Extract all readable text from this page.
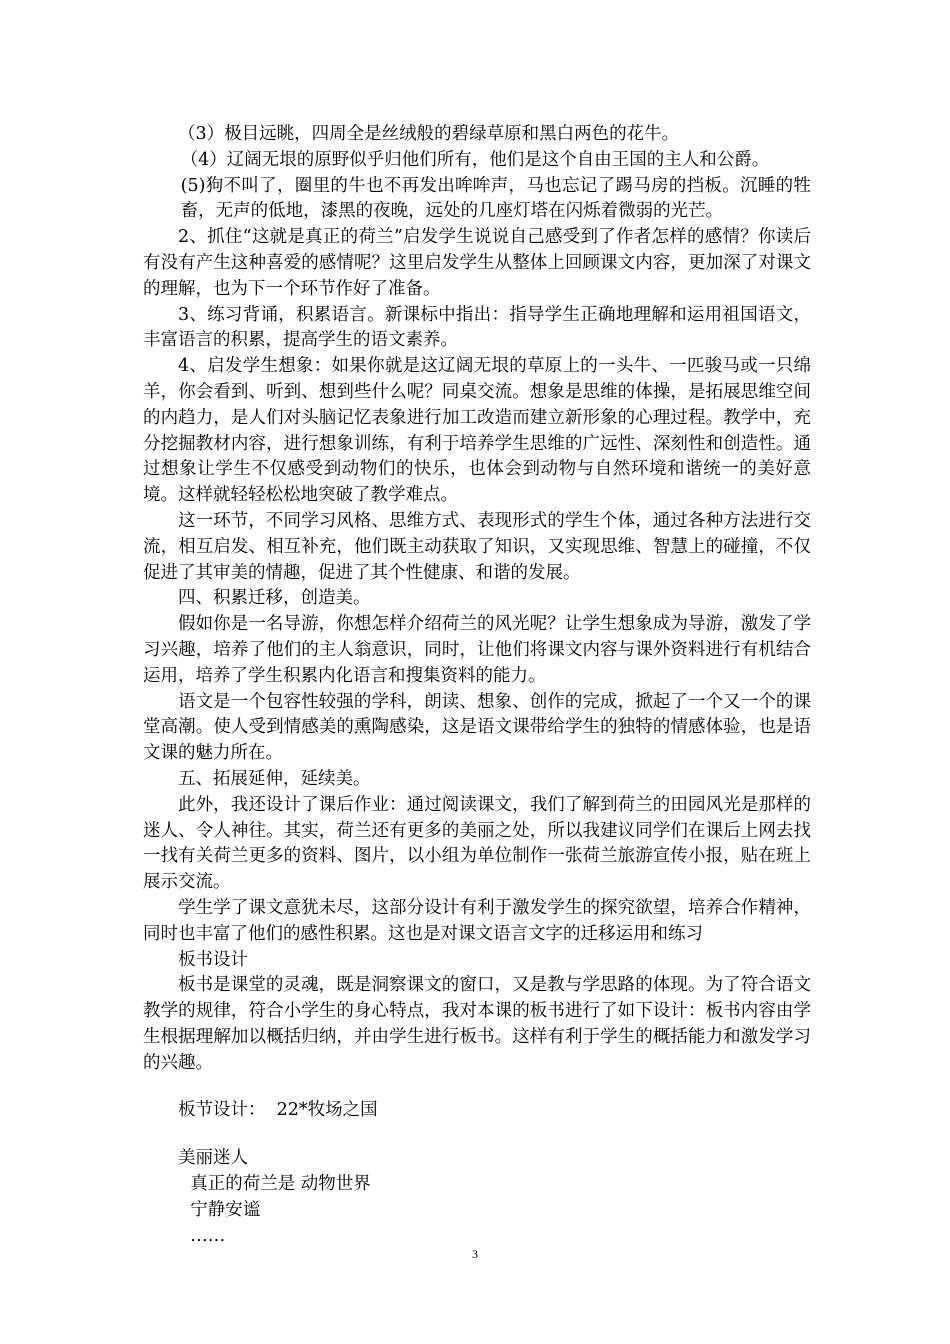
（3）极目远眺，四周全是丝绒般的碧绿草原和黑白两色的花牛。

（4）辽阔无垠的原野似乎归他们所有，他们是这个自由王国的主人和公爵。

(5)狗不叫了，圈里的牛也不再发出哞哞声，马也忘记了踢马房的挡板。沉睡的牲畜，无声的低地，漆黑的夜晚，远处的几座灯塔在闪烁着微弱的光芒。

2、抓住“这就是真正的荷兰”启发学生说说自己感受到了作者怎样的感情？你读后有没有产生这种喜爱的感情呢？这里启发学生从整体上回顾课文内容，更加深了对课文的理解，也为下一个环节作好了准备。

3、练习背诵，积累语言。新课标中指出：指导学生正确地理解和运用祖国语文，丰富语言的积累，提高学生的语文素养。

4、启发学生想象：如果你就是这辽阔无垠的草原上的一头牛、一匹骏马或一只绵羊，你会看到、听到、想到些什么呢？同桌交流。想象是思维的体操，是拓展思维空间的内趋力，是人们对头脑记忆表象进行加工改造而建立新形象的心理过程。教学中，充分挖掘教材内容，进行想象训练，有利于培养学生思维的广远性、深刻性和创造性。通过想象让学生不仅感受到动物们的快乐，也体会到动物与自然环境和谐统一的美好意境。这样就轻轻松松地突破了教学难点。

这一环节，不同学习风格、思维方式、表现形式的学生个体，通过各种方法进行交流，相互启发、相互补充，他们既主动获取了知识，又实现思维、智慧上的碰撞，不仅促进了其审美的情趣，促进了其个性健康、和谐的发展。

四、积累迁移，创造美。

假如你是一名导游，你想怎样介绍荷兰的风光呢？让学生想象成为导游，激发了学习兴趣，培养了他们的主人翁意识，同时，让他们将课文内容与课外资料进行有机结合运用，培养了学生积累内化语言和搜集资料的能力。

语文是一个包容性较强的学科，朗读、想象、创作的完成，掀起了一个又一个的课堂高潮。使人受到情感美的熏陶感染，这是语文课带给学生的独特的情感体验，也是语文课的魅力所在。

五、拓展延伸，延续美。

此外，我还设计了课后作业：通过阅读课文，我们了解到荷兰的田园风光是那样的迷人、令人神往。其实，荷兰还有更多的美丽之处，所以我建议同学们在课后上网去找一找有关荷兰更多的资料、图片，以小组为单位制作一张荷兰旅游宣传小报，贴在班上展示交流。

学生学了课文意犹未尽，这部分设计有利于激发学生的探究欲望，培养合作精神，同时也丰富了他们的感性积累。这也是对课文语言文字的迁移运用和练习

板书设计

板书是课堂的灵魂，既是洞察课文的窗口，又是教与学思路的体现。为了符合语文教学的规律，符合小学生的身心特点，我对本课的板书进行了如下设计：板书内容由学生根据理解加以概括归纳，并由学生进行板书。这样有利于学生的概括能力和激发学习的兴趣。

板节设计：  22*牧场之国

美丽迷人

真正的荷兰是 动物世界

宁静安谧

……

3
